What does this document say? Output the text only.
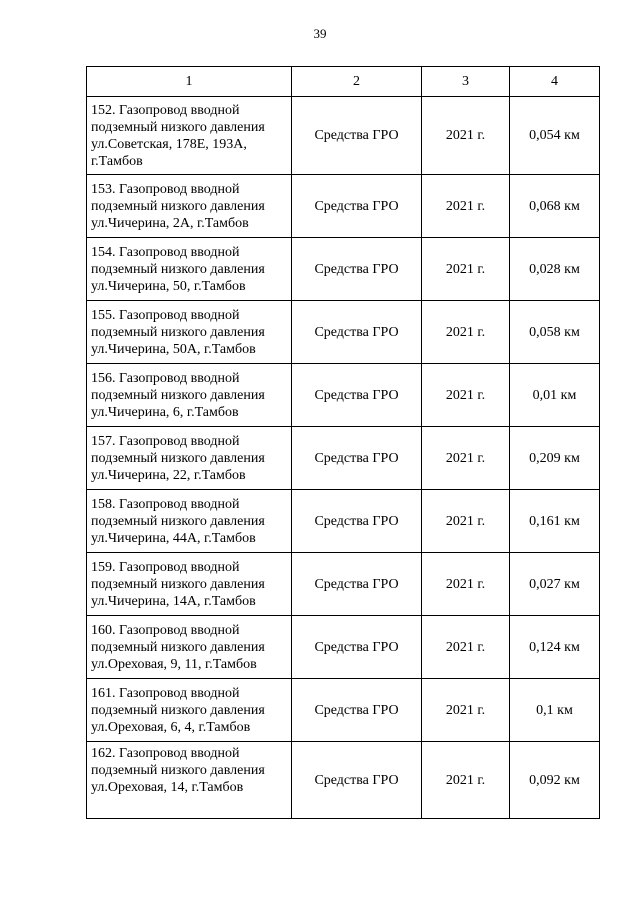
39
1	2	3	4
152. Газопровод вводной подземный низкого давления ул.Советская, 178Е, 193А, г.Тамбов	Средства ГРО	2021 г.	0,054 км
153. Газопровод вводной подземный низкого давления ул.Чичерина, 2А, г.Тамбов	Средства ГРО	2021 г.	0,068 км
154. Газопровод вводной подземный низкого давления ул.Чичерина, 50, г.Тамбов	Средства ГРО	2021 г.	0,028 км
155. Газопровод вводной подземный низкого давления ул.Чичерина, 50А, г.Тамбов	Средства ГРО	2021 г.	0,058 км
156. Газопровод вводной подземный низкого давления ул.Чичерина, 6, г.Тамбов	Средства ГРО	2021 г.	0,01 км
157. Газопровод вводной подземный низкого давления ул.Чичерина, 22, г.Тамбов	Средства ГРО	2021 г.	0,209 км
158. Газопровод вводной подземный низкого давления ул.Чичерина, 44А, г.Тамбов	Средства ГРО	2021 г.	0,161 км
159. Газопровод вводной подземный низкого давления ул.Чичерина, 14А, г.Тамбов	Средства ГРО	2021 г.	0,027 км
160. Газопровод вводной подземный низкого давления ул.Ореховая, 9, 11, г.Тамбов	Средства ГРО	2021 г.	0,124 км
161. Газопровод вводной подземный низкого давления ул.Ореховая, 6, 4, г.Тамбов	Средства ГРО	2021 г.	0,1 км
162. Газопровод вводной подземный низкого давления ул.Ореховая, 14, г.Тамбов	Средства ГРО	2021 г.	0,092 км
